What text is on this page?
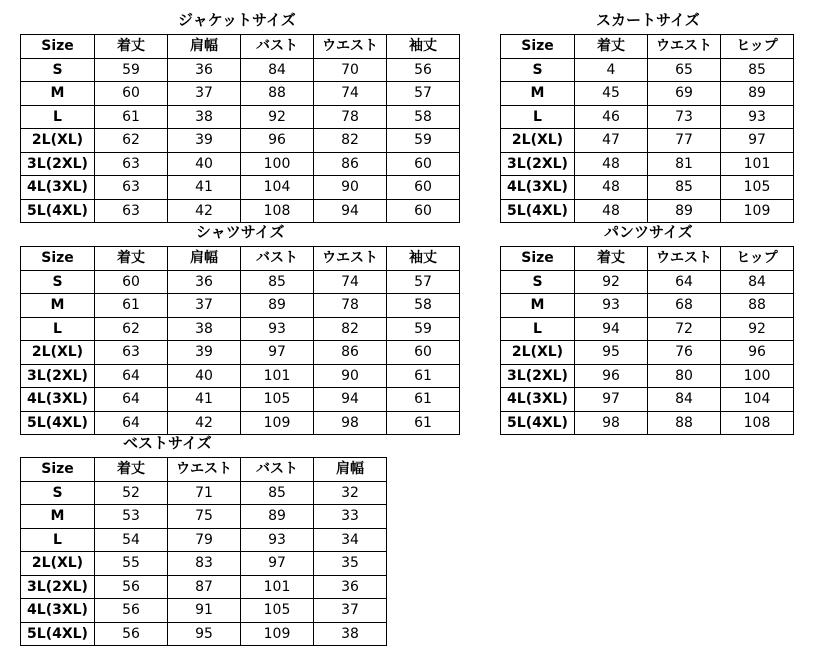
ジャケットサイズ
Size	着丈	肩幅	バスト	ウエスト	袖丈
S	59	36	84	70	56
M	60	37	88	74	57
L	61	38	92	78	58
2L(XL)	62	39	96	82	59
3L(2XL)	63	40	100	86	60
4L(3XL)	63	41	104	90	60
5L(4XL)	63	42	108	94	60
スカートサイズ
Size	着丈	ウエスト	ヒップ
S	4	65	85
M	45	69	89
L	46	73	93
2L(XL)	47	77	97
3L(2XL)	48	81	101
4L(3XL)	48	85	105
5L(4XL)	48	89	109
シャツサイズ
Size	着丈	肩幅	バスト	ウエスト	袖丈
S	60	36	85	74	57
M	61	37	89	78	58
L	62	38	93	82	59
2L(XL)	63	39	97	86	60
3L(2XL)	64	40	101	90	61
4L(3XL)	64	41	105	94	61
5L(4XL)	64	42	109	98	61
パンツサイズ
Size	着丈	ウエスト	ヒップ
S	92	64	84
M	93	68	88
L	94	72	92
2L(XL)	95	76	96
3L(2XL)	96	80	100
4L(3XL)	97	84	104
5L(4XL)	98	88	108
ベストサイズ
Size	着丈	ウエスト	バスト	肩幅
S	52	71	85	32
M	53	75	89	33
L	54	79	93	34
2L(XL)	55	83	97	35
3L(2XL)	56	87	101	36
4L(3XL)	56	91	105	37
5L(4XL)	56	95	109	38
